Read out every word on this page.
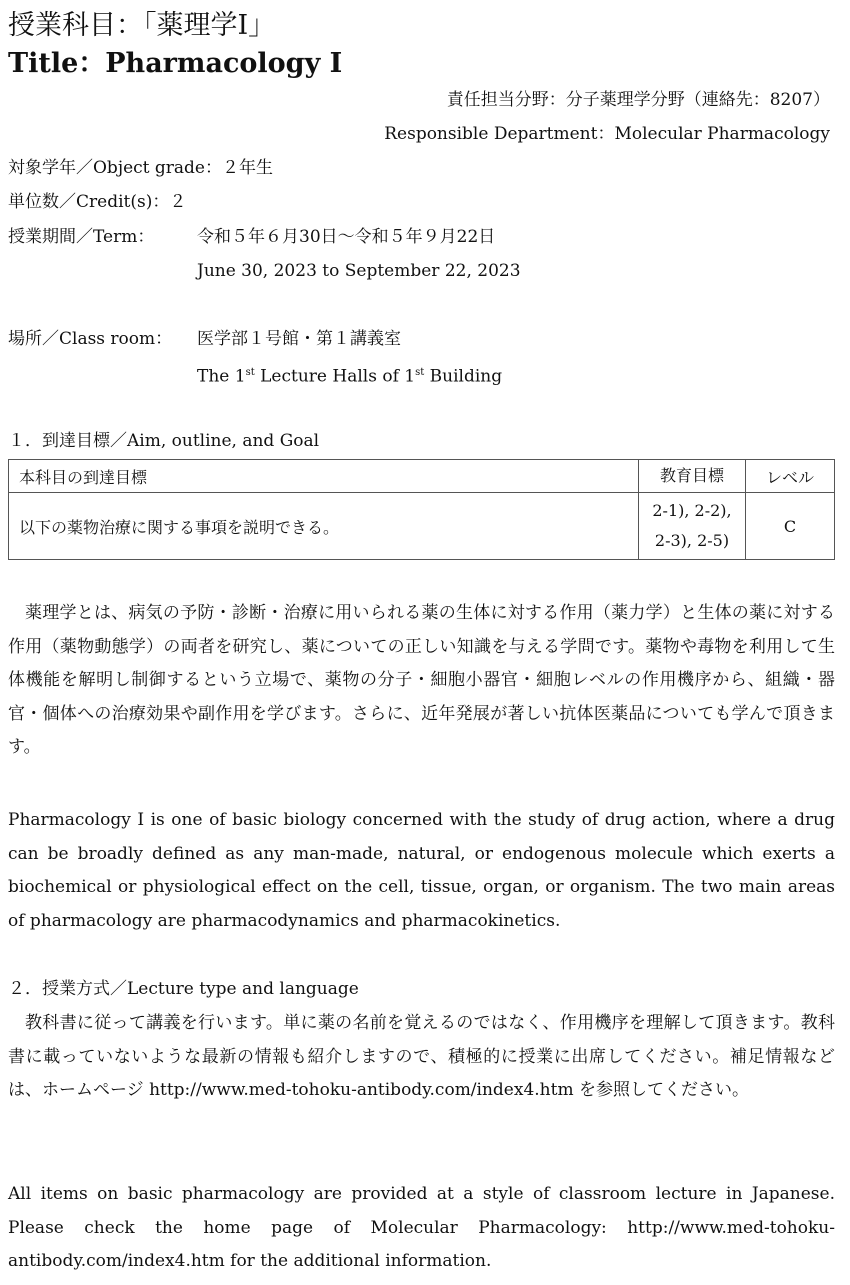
授業科目：「薬理学Ⅰ」
Title：Pharmacology I
責任担当分野：分子薬理学分野（連絡先：8207）
Responsible Department：Molecular Pharmacology
対象学年／Object grade：２年生
単位数／Credit(s)：２
授業期間／Term：	令和５年６月30日～令和５年９月22日
June 30, 2023 to September 22, 2023
場所／Class room： 医学部１号館・第１講義室
The 1st Lecture Halls of 1st Building
１．到達目標／Aim, outline, and Goal
本科目の到達目標	教育目標	レベル
以下の薬物治療に関する事項を説明できる。	2-1), 2-2), 2-3), 2-5)	C
薬理学とは、病気の予防・診断・治療に用いられる薬の生体に対する作用（薬力学）と生体の薬に対する作用（薬物動態学）の両者を研究し、薬についての正しい知識を与える学問です。薬物や毒物を利用して生体機能を解明し制御するという立場で、薬物の分子・細胞小器官・細胞レベルの作用機序から、組織・器官・個体への治療効果や副作用を学びます。さらに、近年発展が著しい抗体医薬品についても学んで頂きます。
Pharmacology I is one of basic biology concerned with the study of drug action, where a drug can be broadly defined as any man-made, natural, or endogenous molecule which exerts a biochemical or physiological effect on the cell, tissue, organ, or organism. The two main areas of pharmacology are pharmacodynamics and pharmacokinetics.
２．授業方式／Lecture type and language
教科書に従って講義を行います。単に薬の名前を覚えるのではなく、作用機序を理解して頂きます。教科書に載っていないような最新の情報も紹介しますので、積極的に授業に出席してください。補足情報などは、ホームページ http://www.med-tohoku-antibody.com/index4.htm を参照してください。
All items on basic pharmacology are provided at a style of classroom lecture in Japanese. Please check the home page of Molecular Pharmacology: http://www.med-tohoku-antibody.com/index4.htm for the additional information.
